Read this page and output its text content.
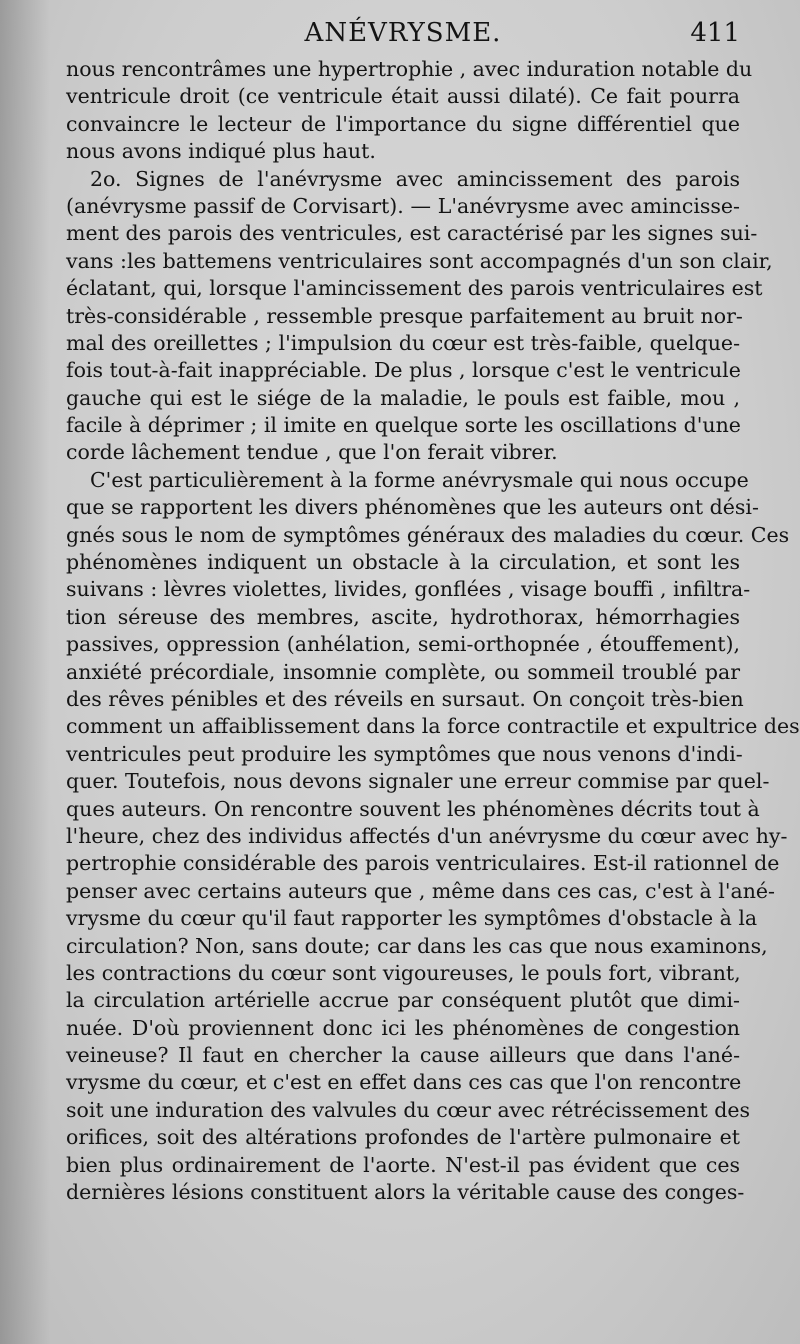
ANÉVRYSME.	411
nous rencontrâmes une hypertrophie , avec induration notable du
ventricule droit (ce ventricule était aussi dilaté). Ce fait pourra
convaincre le lecteur de l'importance du signe différentiel que
nous avons indiqué plus haut.
2o. Signes de l'anévrysme avec amincissement des parois
(anévrysme passif de Corvisart). — L'anévrysme avec amincisse-
ment des parois des ventricules, est caractérisé par les signes sui-
vans :les battemens ventriculaires sont accompagnés d'un son clair,
éclatant, qui, lorsque l'amincissement des parois ventriculaires est
très-considérable , ressemble presque parfaitement au bruit nor-
mal des oreillettes ; l'impulsion du cœur est très-faible, quelque-
fois tout-à-fait inappréciable. De plus , lorsque c'est le ventricule
gauche qui est le siége de la maladie, le pouls est faible, mou ,
facile à déprimer ; il imite en quelque sorte les oscillations d'une
corde lâchement tendue , que l'on ferait vibrer.
C'est particulièrement à la forme anévrysmale qui nous occupe
que se rapportent les divers phénomènes que les auteurs ont dési-
gnés sous le nom de symptômes généraux des maladies du cœur. Ces
phénomènes indiquent un obstacle à la circulation, et sont les
suivans : lèvres violettes, livides, gonflées , visage bouffi , infiltra-
tion séreuse des membres, ascite, hydrothorax, hémorrhagies
passives, oppression (anhélation, semi-orthopnée , étouffement),
anxiété précordiale, insomnie complète, ou sommeil troublé par
des rêves pénibles et des réveils en sursaut. On conçoit très-bien
comment un affaiblissement dans la force contractile et expultrice des
ventricules peut produire les symptômes que nous venons d'indi-
quer. Toutefois, nous devons signaler une erreur commise par quel-
ques auteurs. On rencontre souvent les phénomènes décrits tout à
l'heure, chez des individus affectés d'un anévrysme du cœur avec hy-
pertrophie considérable des parois ventriculaires. Est-il rationnel de
penser avec certains auteurs que , même dans ces cas, c'est à l'ané-
vrysme du cœur qu'il faut rapporter les symptômes d'obstacle à la
circulation? Non, sans doute; car dans les cas que nous examinons,
les contractions du cœur sont vigoureuses, le pouls fort, vibrant,
la circulation artérielle accrue par conséquent plutôt que dimi-
nuée. D'où proviennent donc ici les phénomènes de congestion
veineuse? Il faut en chercher la cause ailleurs que dans l'ané-
vrysme du cœur, et c'est en effet dans ces cas que l'on rencontre
soit une induration des valvules du cœur avec rétrécissement des
orifices, soit des altérations profondes de l'artère pulmonaire et
bien plus ordinairement de l'aorte. N'est-il pas évident que ces
dernières lésions constituent alors la véritable cause des conges-
